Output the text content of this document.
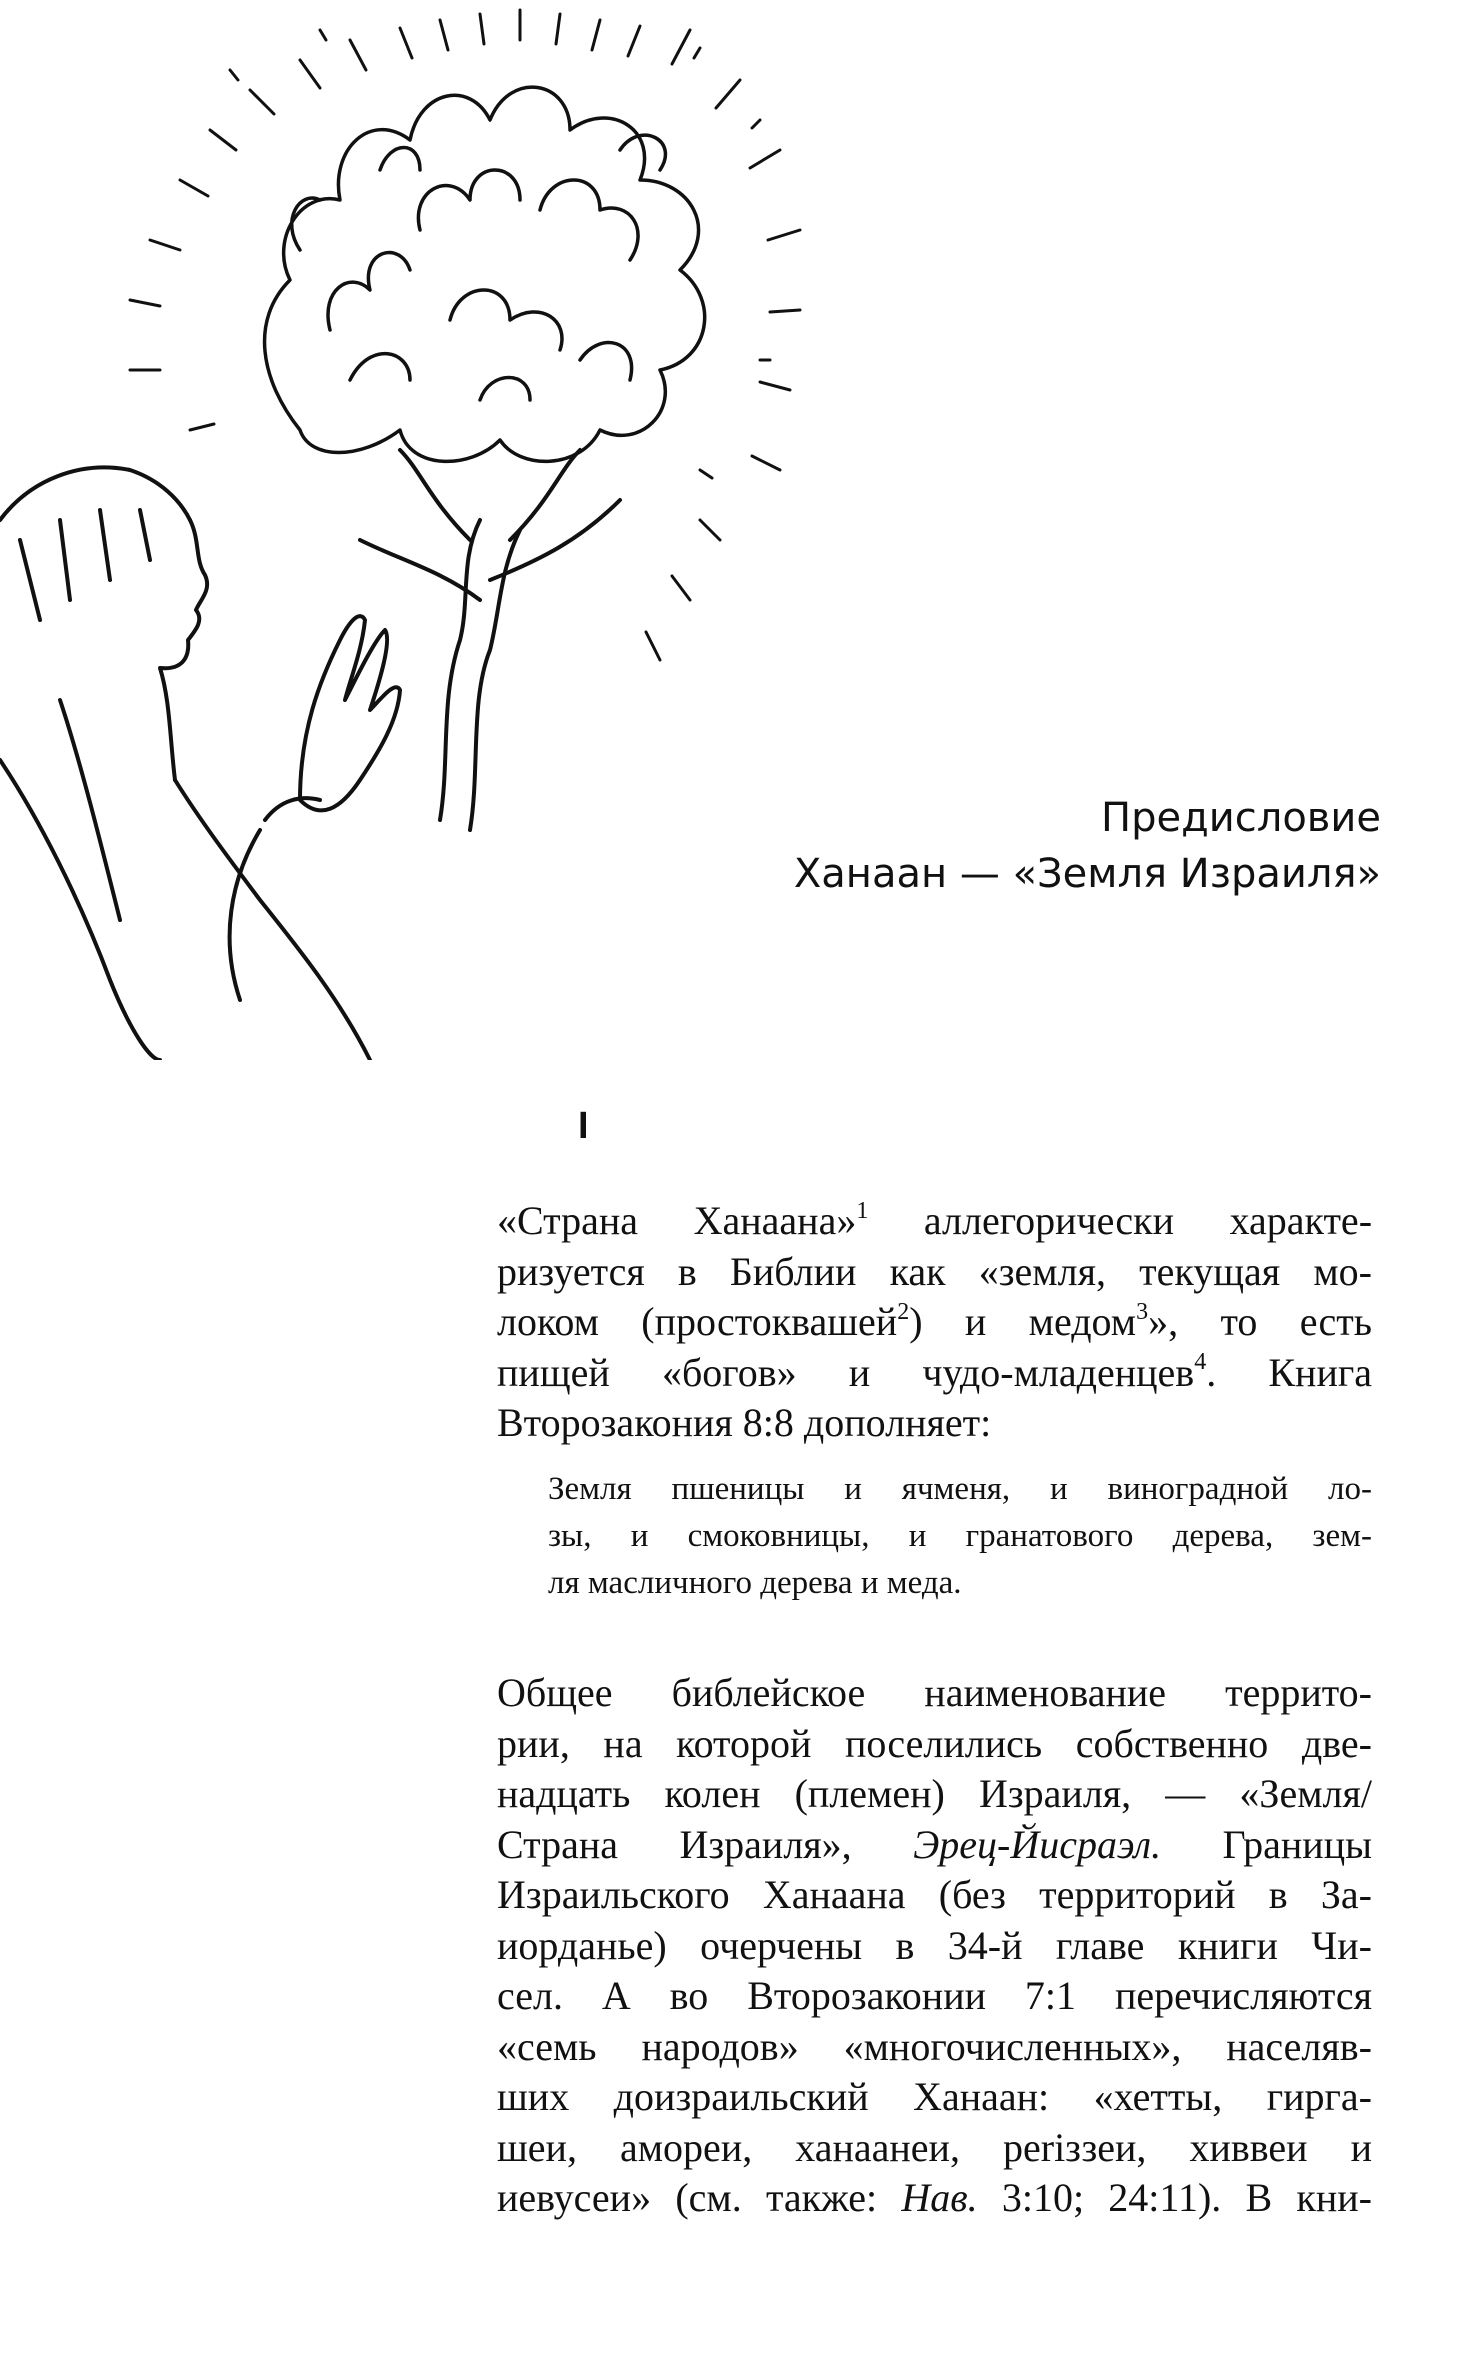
Предисловие
Ханаан — «Земля Израиля»
I
«Страна Ханаана»$^1$ аллегорически характе-
ризуется в Библии как «земля, текущая мо-
локом (простоквашей$^2$) и медом$^3$», то есть
пищей «богов» и чудо-младенцев$^4$. Книга
Второзакония 8:8 дополняет:
Земля пшеницы и ячменя, и виноградной ло-
зы, и смоковницы, и гранатового дерева, зем-
ля масличного дерева и меда.
Общее библейское наименование террито-
рии, на которой поселились собственно две-
надцать колен (племен) Израиля, — «Земля/
Страна Израиля», Эрец-Йисраэл. Границы
Израильского Ханаана (без территорий в За-
иорданье) очерчены в 34-й главе книги Чи-
сел. А во Второзаконии 7:1 перечисляются
«семь народов» «многочисленных», населяв-
ших доизраильский Ханаан: «хетты, гирга-
шеи, амореи, ханаанеи, periззеи, хиввеи и
иевусеи» (см. также: Нав. 3:10; 24:11). В кни-
